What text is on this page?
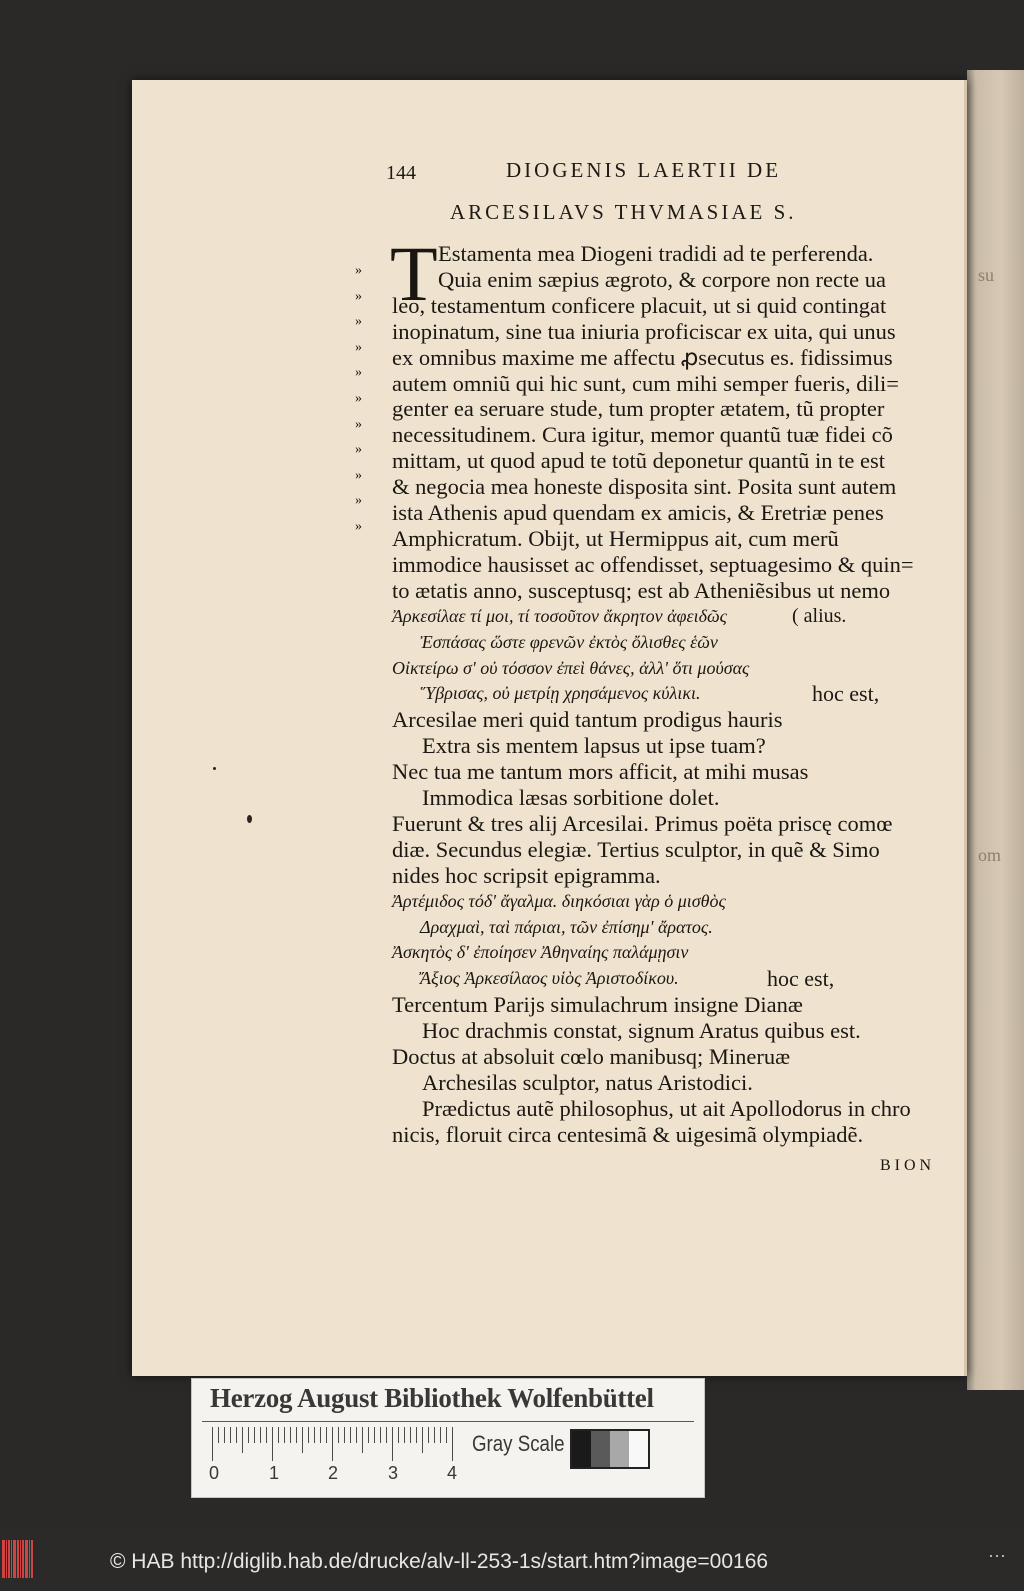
su
om
144	DIOGENIS LAERTII DE
ARCESILAVS THVMASIAE S.
»
»
»
»
»
»
»
»
»
»
»
T Estamenta mea Diogeni tradidi ad te perferenda.
Quia enim sæpius ægroto, & corpore non recte ua
leo, testamentum conficere placuit, ut si quid contingat
inopinatum, sine tua iniuria proficiscar ex uita, qui unus
ex omnibus maxime me affectu ꝓsecutus es. fidissimus
autem omniũ qui hic sunt, cum mihi semper fueris, dili=
genter ea seruare stude, tum propter ætatem, tũ propter
necessitudinem. Cura igitur, memor quantũ tuæ fidei cõ
mittam, ut quod apud te totũ deponetur quantũ in te est
& negocia mea honeste disposita sint. Posita sunt autem
ista Athenis apud quendam ex amicis, & Eretriæ penes
Amphicratum. Obijt, ut Hermippus ait, cum merũ
immodice hausisset ac offendisset, septuagesimo & quin=
to ætatis anno, susceptusq; est ab Atheniẽsibus ut nemo
Ἀρκεσίλαε τί μοι, τί τοσοῦτον ἄκρητον ἀφειδῶς	( alius.
Ἐσπάσας ὥστε φρενῶν ἐκτὸς ὄλισθες ἑῶν
Οἰκτείρω σ' οὐ τόσσον ἐπεὶ θάνες, ἀλλ' ὅτι μούσας
Ὕβρισας, οὐ μετρίῃ χρησάμενος κύλικι.	hoc est,
Arcesilae meri quid tantum prodigus hauris
Extra sis mentem lapsus ut ipse tuam?
Nec tua me tantum mors afficit, at mihi musas
Immodica læsas sorbitione dolet.
Fuerunt & tres alij Arcesilai. Primus poëta priscę comœ
diæ. Secundus elegiæ. Tertius sculptor, in quẽ & Simo
nides hoc scripsit epigramma.
Ἀρτέμιδος τόδ' ἄγαλμα. διηκόσιαι γὰρ ὁ μισθὸς
Δραχμαὶ, ταὶ πάριαι, τῶν ἐπίσημ' ἄρατος.
Ἀσκητὸς δ' ἐποίησεν Ἀθηναίης παλάμῃσιν
Ἄξιος Ἀρκεσίλαος υἱὸς Ἀριστοδίκου.	hoc est,
Tercentum Parijs simulachrum insigne Dianæ
Hoc drachmis constat, signum Aratus quibus est.
Doctus at absoluit cœlo manibusq; Mineruæ
Archesilas sculptor, natus Aristodici.
Prædictus autẽ philosophus, ut ait Apollodorus in chro
nicis, floruit circa centesimã & uigesimã olympiadẽ.
BION
Herzog August Bibliothek Wolfenbüttel
0	1	2	3	4
Gray Scale
© HAB http://diglib.hab.de/drucke/alv-ll-253-1s/start.htm?image=00166	⋯
